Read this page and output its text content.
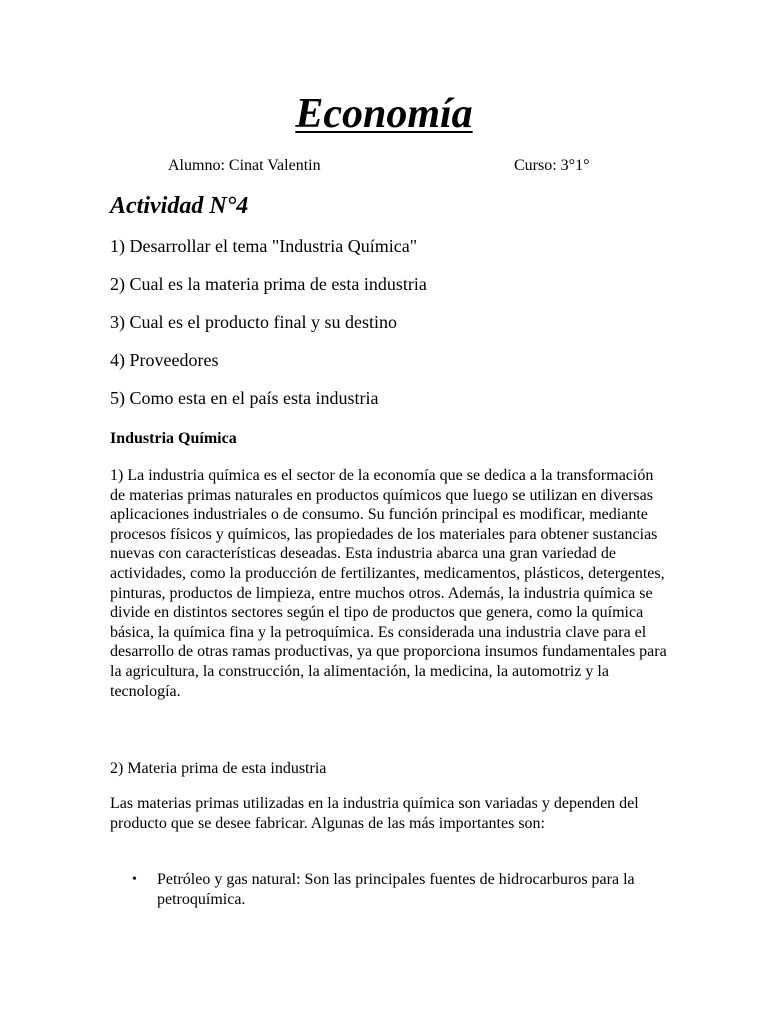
Economía
Alumno: Cinat Valentin	Curso: 3°1°
Actividad N°4
1) Desarrollar el tema "Industria Química"
2) Cual es la materia prima de esta industria
3) Cual es el producto final y su destino
4) Proveedores
5) Como esta en el país esta industria
Industria Química

1) La industria química es el sector de la economía que se dedica a la transformación de materias primas naturales en productos químicos que luego se utilizan en diversas aplicaciones industriales o de consumo. Su función principal es modificar, mediante procesos físicos y químicos, las propiedades de los materiales para obtener sustancias nuevas con características deseadas. Esta industria abarca una gran variedad de actividades, como la producción de fertilizantes, medicamentos, plásticos, detergentes, pinturas, productos de limpieza, entre muchos otros. Además, la industria química se divide en distintos sectores según el tipo de productos que genera, como la química básica, la química fina y la petroquímica. Es considerada una industria clave para el desarrollo de otras ramas productivas, ya que proporciona insumos fundamentales para la agricultura, la construcción, la alimentación, la medicina, la automotriz y la tecnología.

2) Materia prima de esta industria

Las materias primas utilizadas en la industria química son variadas y dependen del producto que se desee fabricar. Algunas de las más importantes son:

• Petróleo y gas natural: Son las principales fuentes de hidrocarburos para la petroquímica.
